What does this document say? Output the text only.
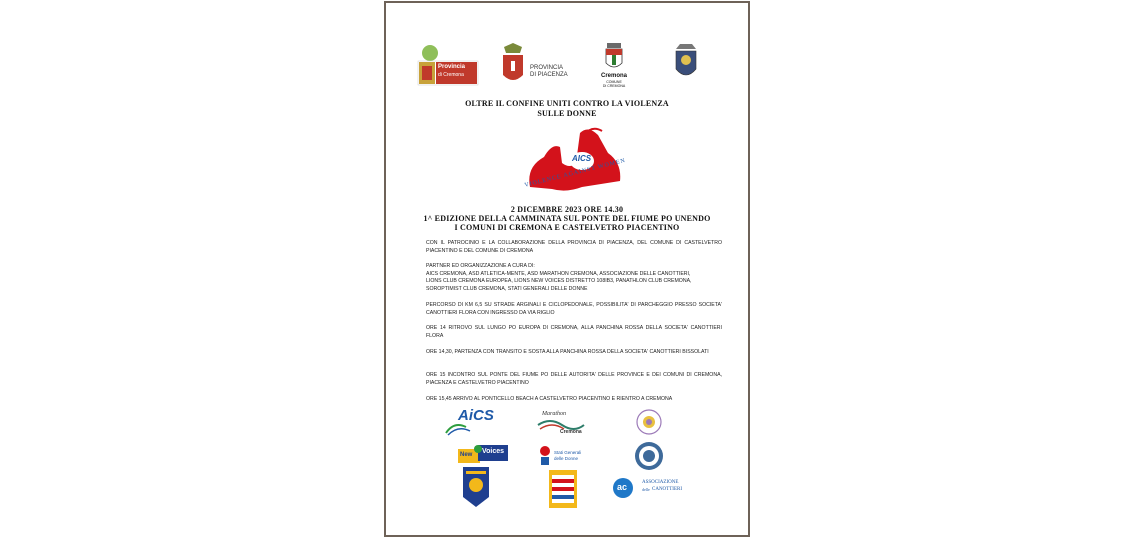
Provincia
di Cremona
PROVINCIA
DI PIACENZA	Cremona
COMUNE
DI CREMONA
OLTRE IL CONFINE UNITI CONTRO LA VIOLENZA
SULLE DONNE
AICS
VIOLENCE AGAINST WOMEN
2 DICEMBRE 2023 ORE 14.30
1^ EDIZIONE DELLA CAMMINATA SUL PONTE DEL FIUME PO UNENDO
I COMUNI DI CREMONA E CASTELVETRO PIACENTINO
CON IL PATROCINIO E LA COLLABORAZIONE DELLA PROVINCIA DI PIACENZA, DEL COMUNE DI CASTELVETRO PIACENTINO E DEL COMUNE DI CREMONA
PARTNER ED ORGANIZZAZIONE A CURA DI:
AICS CREMONA, ASD ATLETICA-MENTE, ASD MARATHON CREMONA, ASSOCIAZIONE DELLE CANOTTIERI,
LIONS CLUB CREMONA EUROPEA, LIONS NEW VOICES DISTRETTO 108IB3, PANATHLON CLUB CREMONA,
SOROPTIMIST CLUB CREMONA, STATI GENERALI DELLE DONNE
PERCORSO DI KM 6,5 SU STRADE ARGINALI E CICLOPEDONALE, POSSIBILITA' DI PARCHEGGIO PRESSO SOCIETA' CANOTTIERI FLORA CON INGRESSO DA VIA RIGLIO
ORE 14 RITROVO SUL LUNGO PO EUROPA DI CREMONA, ALLA PANCHINA ROSSA DELLA SOCIETA' CANOTTIERI FLORA
ORE 14,30, PARTENZA CON TRANSITO E SOSTA ALLA PANCHINA ROSSA DELLA SOCIETA' CANOTTIERI BISSOLATI
ORE 15 INCONTRO SUL PONTE DEL FIUME PO DELLE AUTORITA' DELLE PROVINCE E DEI COMUNI DI CREMONA, PIACENZA E CASTELVETRO PIACENTINO
ORE 15,45 ARRIVO AL PONTICELLO BEACH A CASTELVETRO PIACENTINO E RIENTRO A CREMONA
AiCS	Marathon
Cremona
New Voices	Stati Generali
delle Donne
ac	ASSOCIAZIONE
delle CANOTTIERI
